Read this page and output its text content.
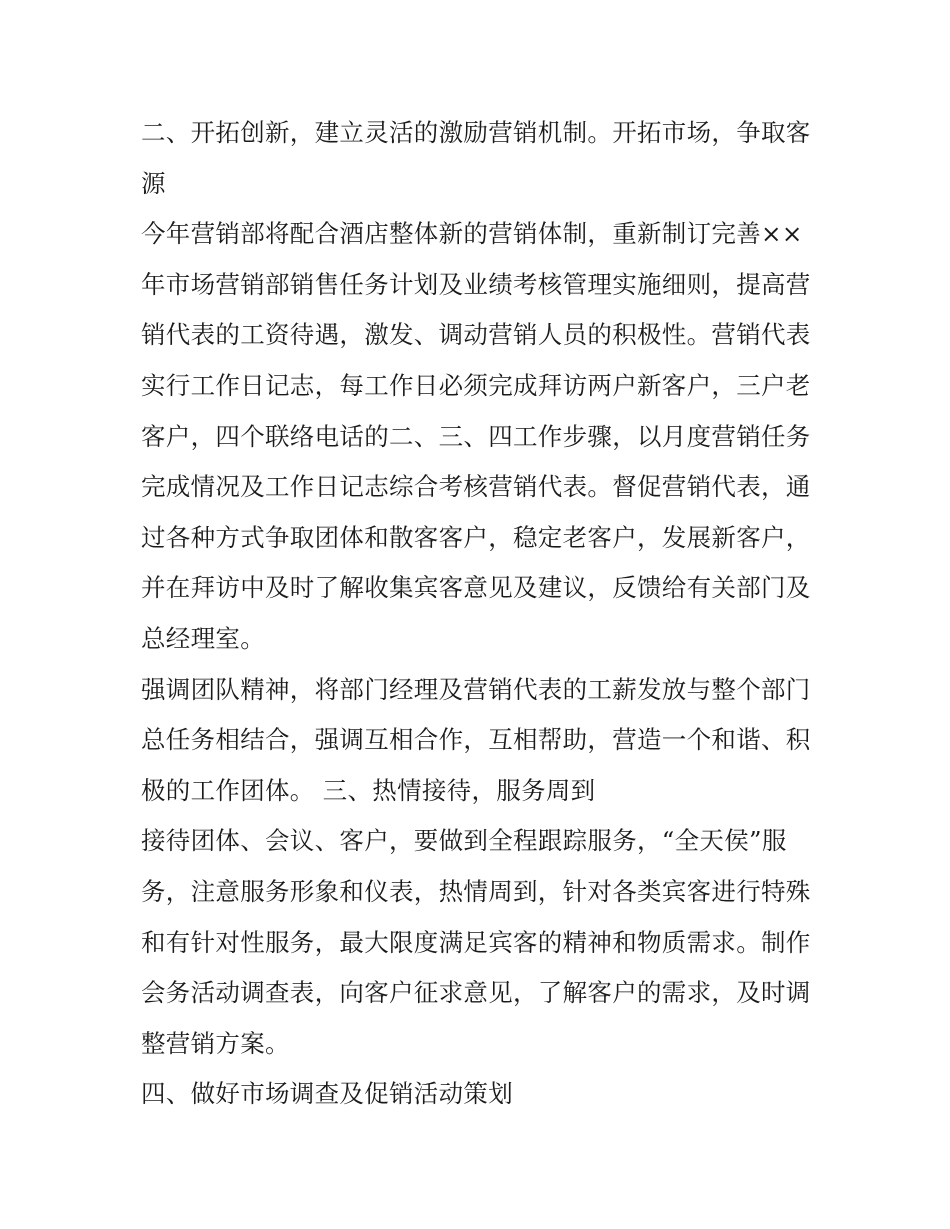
二、开拓创新，建立灵活的激励营销机制。开拓市场，争取客
源
今年营销部将配合酒店整体新的营销体制，重新制订完善××
年市场营销部销售任务计划及业绩考核管理实施细则，提高营
销代表的工资待遇，激发、调动营销人员的积极性。营销代表
实行工作日记志，每工作日必须完成拜访两户新客户，三户老
客户，四个联络电话的二、三、四工作步骤，以月度营销任务
完成情况及工作日记志综合考核营销代表。督促营销代表，通
过各种方式争取团体和散客客户，稳定老客户，发展新客户，
并在拜访中及时了解收集宾客意见及建议，反馈给有关部门及
总经理室。
强调团队精神，将部门经理及营销代表的工薪发放与整个部门
总任务相结合，强调互相合作，互相帮助，营造一个和谐、积
极的工作团体。 三、热情接待，服务周到
接待团体、会议、客户，要做到全程跟踪服务，“全天侯”服
务，注意服务形象和仪表，热情周到，针对各类宾客进行特殊
和有针对性服务，最大限度满足宾客的精神和物质需求。制作
会务活动调查表，向客户征求意见，了解客户的需求，及时调
整营销方案。
四、做好市场调查及促销活动策划
